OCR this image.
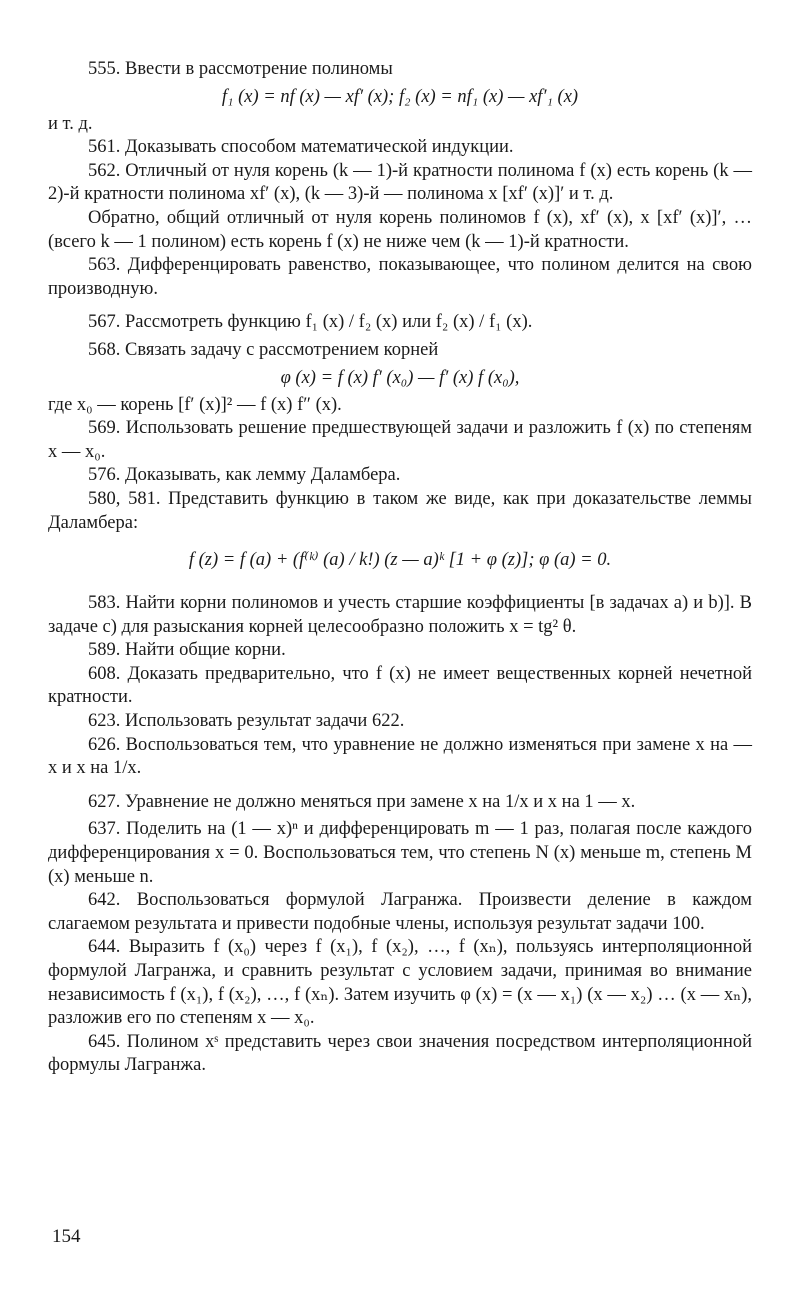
555. Ввести в рассмотрение полиномы

f₁ (x) = nf (x) — xf′ (x); f₂ (x) = nf₁ (x) — xf′₁ (x)

и т. д.

561. Доказывать способом математической индукции.

562. Отличный от нуля корень (k — 1)-й кратности полинома f (x) есть корень (k — 2)-й кратности полинома xf′ (x), (k — 3)-й — полинома x [xf′ (x)]′ и т. д.

Обратно, общий отличный от нуля корень полиномов f (x), xf′ (x), x [xf′ (x)]′, … (всего k — 1 полином) есть корень f (x) не ниже чем (k — 1)-й кратности.

563. Дифференцировать равенство, показывающее, что полином делится на свою производную.

567. Рассмотреть функцию f₁ (x) / f₂ (x) или f₂ (x) / f₁ (x).

568. Связать задачу с рассмотрением корней

φ (x) = f (x) f′ (x₀) — f′ (x) f (x₀),

где x₀ — корень [f′ (x)]² — f (x) f″ (x).

569. Использовать решение предшествующей задачи и разложить f (x) по степеням x — x₀.

576. Доказывать, как лемму Даламбера.

580, 581. Представить функцию в таком же виде, как при доказательстве леммы Даламбера:

f (z) = f (a) + (f⁽ᵏ⁾ (a) / k!) (z — a)ᵏ [1 + φ (z)]; φ (a) = 0.

583. Найти корни полиномов и учесть старшие коэффициенты [в задачах а) и b)]. В задаче с) для разыскания корней целесообразно положить x = tg² θ.

589. Найти общие корни.

608. Доказать предварительно, что f (x) не имеет вещественных корней нечетной кратности.

623. Использовать результат задачи 622.

626. Воспользоваться тем, что уравнение не должно изменяться при замене x на — x и x на 1/x.

627. Уравнение не должно меняться при замене x на 1/x и x на 1 — x.

637. Поделить на (1 — x)ⁿ и дифференцировать m — 1 раз, полагая после каждого дифференцирования x = 0. Воспользоваться тем, что степень N (x) меньше m, степень M (x) меньше n.

642. Воспользоваться формулой Лагранжа. Произвести деление в каждом слагаемом результата и привести подобные члены, используя результат задачи 100.

644. Выразить f (x₀) через f (x₁), f (x₂), …, f (xₙ), пользуясь интерполяционной формулой Лагранжа, и сравнить результат с условием задачи, принимая во внимание независимость f (x₁), f (x₂), …, f (xₙ). Затем изучить φ (x) = (x — x₁) (x — x₂) … (x — xₙ), разложив его по степеням x — x₀.

645. Полином xˢ представить через свои значения посредством интерполяционной формулы Лагранжа.

154
